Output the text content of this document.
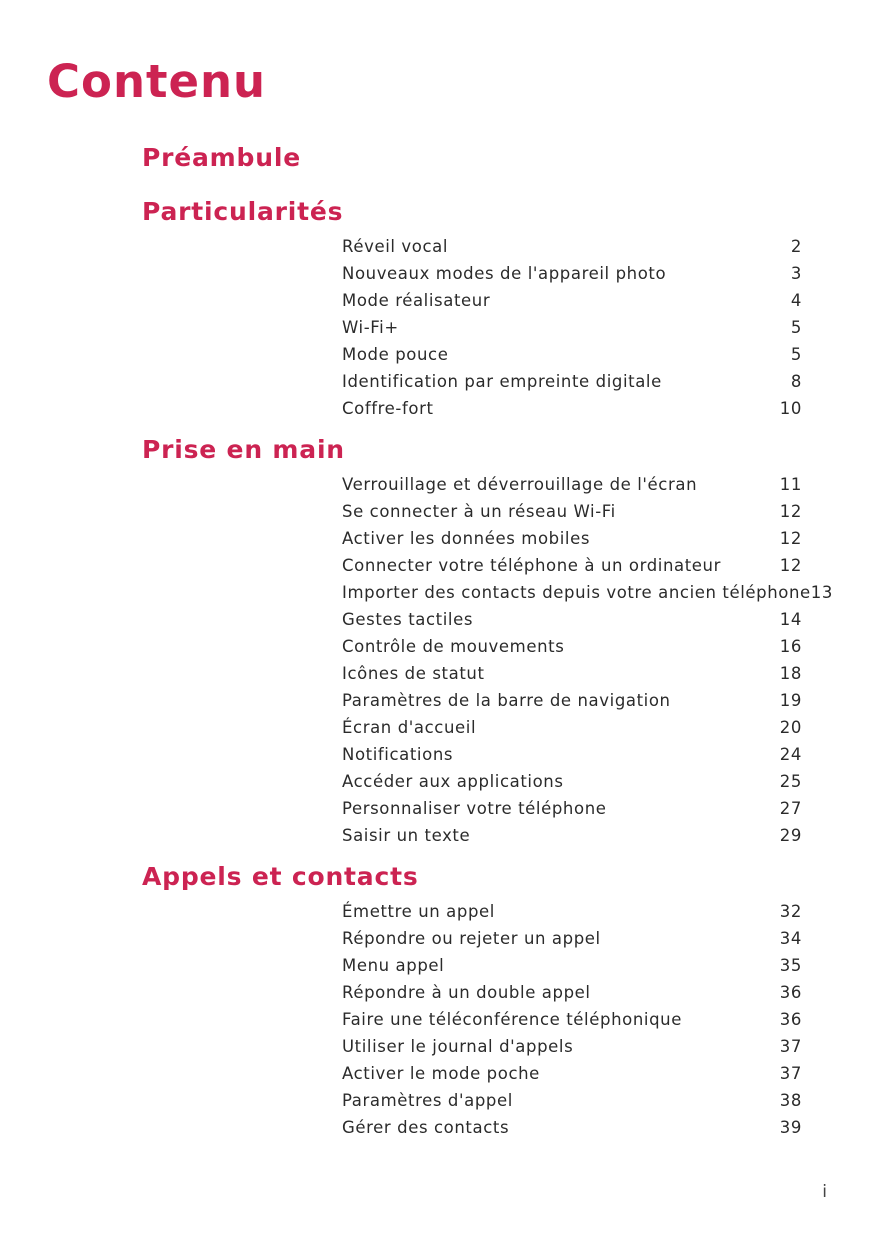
Contenu
Préambule
Particularités
Réveil vocal	2
Nouveaux modes de l'appareil photo	3
Mode réalisateur	4
Wi-Fi+	5
Mode pouce	5
Identification par empreinte digitale	8
Coffre-fort	10
Prise en main
Verrouillage et déverrouillage de l'écran	11
Se connecter à un réseau Wi-Fi	12
Activer les données mobiles	12
Connecter votre téléphone à un ordinateur	12
Importer des contacts depuis votre ancien téléphone 13
Gestes tactiles	14
Contrôle de mouvements	16
Icônes de statut	18
Paramètres de la barre de navigation	19
Écran d'accueil	20
Notifications	24
Accéder aux applications	25
Personnaliser votre téléphone	27
Saisir un texte	29
Appels et contacts
Émettre un appel	32
Répondre ou rejeter un appel	34
Menu appel	35
Répondre à un double appel	36
Faire une téléconférence téléphonique	36
Utiliser le journal d'appels	37
Activer le mode poche	37
Paramètres d'appel	38
Gérer des contacts	39
i
